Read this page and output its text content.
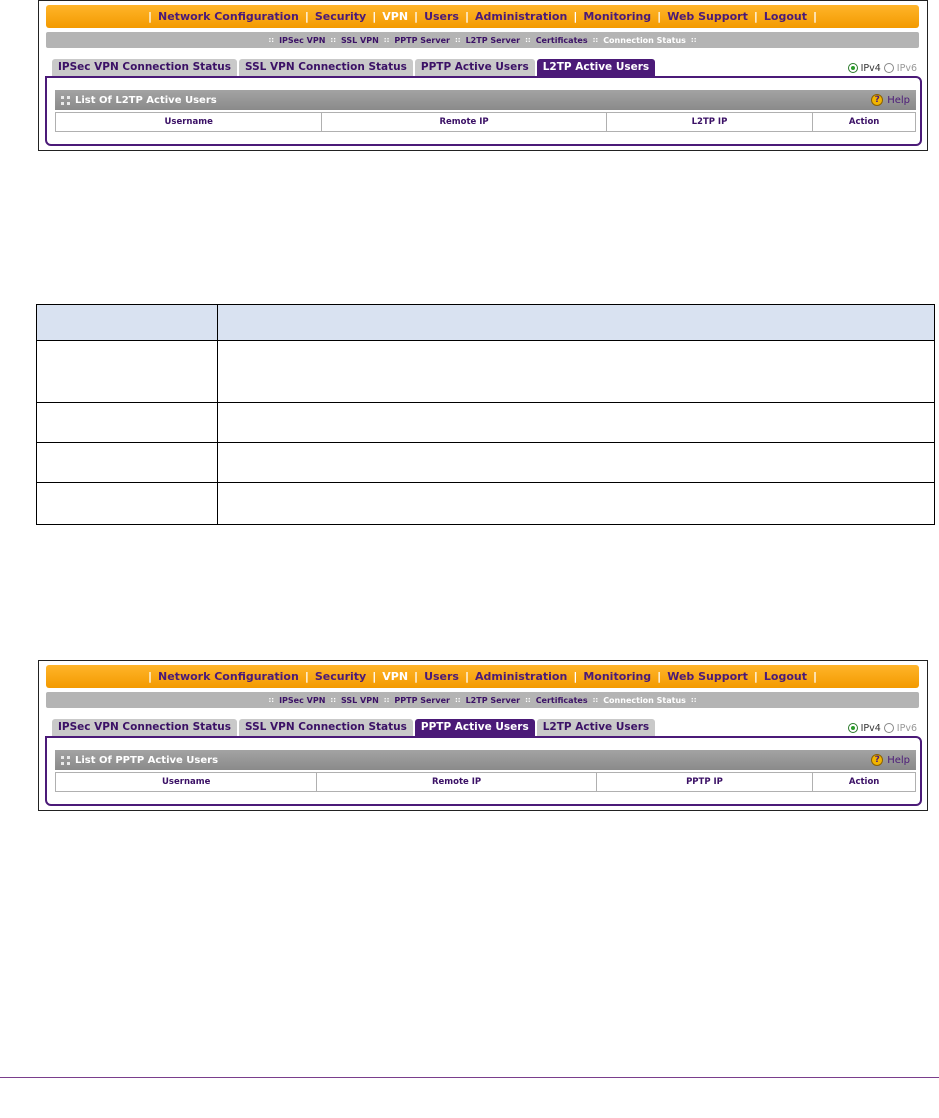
| Network Configuration | Security | VPN | Users | Administration | Monitoring | Web Support | Logout |
:: IPSec VPN :: SSL VPN :: PPTP Server :: L2TP Server :: Certificates :: Connection Status ::
IPSec VPN Connection Status	SSL VPN Connection Status	PPTP Active Users	L2TP Active Users	IPv4 IPv6
List Of L2TP Active Users	? Help
Username	Remote IP	L2TP IP	Action

| Network Configuration | Security | VPN | Users | Administration | Monitoring | Web Support | Logout |
:: IPSec VPN :: SSL VPN :: PPTP Server :: L2TP Server :: Certificates :: Connection Status ::
IPSec VPN Connection Status	SSL VPN Connection Status	PPTP Active Users	L2TP Active Users	IPv4 IPv6
List Of PPTP Active Users	? Help
Username	Remote IP	PPTP IP	Action
